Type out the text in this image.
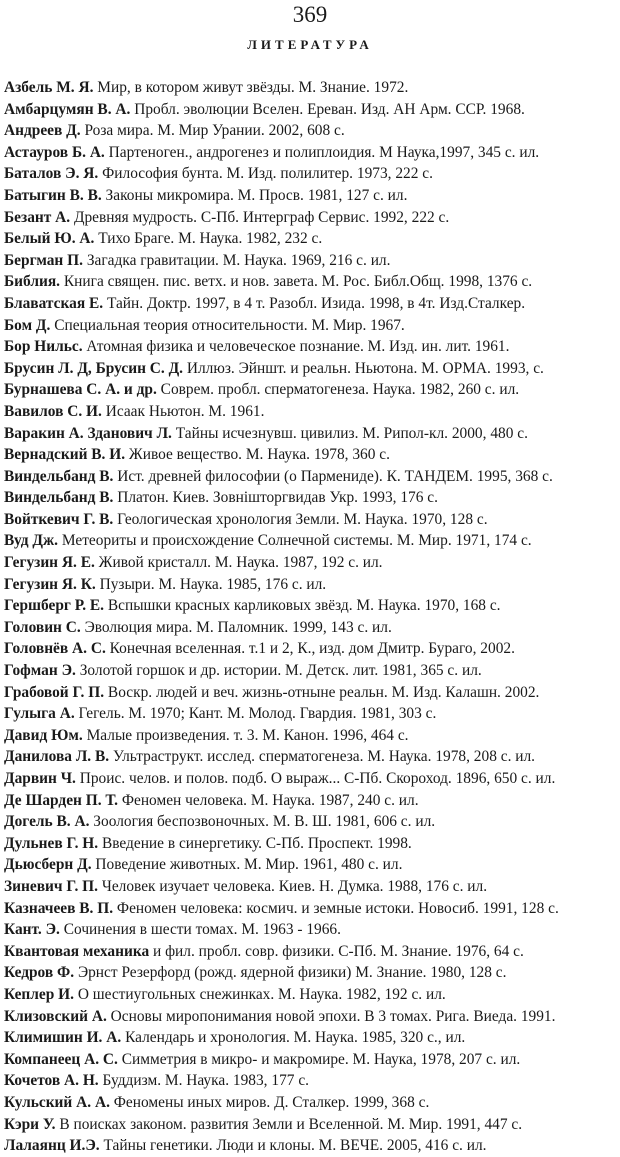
369
ЛИТЕРАТУРА
Азбель М. Я. Мир, в котором живут звёзды. М. Знание. 1972.
Амбарцумян В. А. Пробл. эволюции Вселен. Ереван. Изд. АН Арм. ССР. 1968.
Андреев Д. Роза мира. М. Мир Урании. 2002, 608 с.
Астауров Б. А. Партеноген., андрогенез и полиплоидия. М Наука,1997, 345 с. ил.
Баталов Э. Я. Философия бунта. М. Изд. полилитер. 1973, 222 с.
Батыгин В. В. Законы микромира. М. Просв. 1981, 127 с. ил.
Безант А. Древняя мудрость. С-Пб. Интерграф Сервис. 1992, 222 с.
Белый Ю. А. Тихо Браге. М. Наука. 1982, 232 с.
Бергман П. Загадка гравитации. М. Наука. 1969, 216 с. ил.
Библия. Книга священ. пис. ветх. и нов. завета. М. Рос. Библ.Общ. 1998, 1376 с.
Блаватская Е. Тайн. Доктр. 1997, в 4 т. Разобл. Изида. 1998, в 4т. Изд.Сталкер.
Бом Д. Специальная теория относительности. М. Мир. 1967.
Бор Нильс. Атомная физика и человеческое познание. М. Изд. ин. лит. 1961.
Брусин Л. Д, Брусин С. Д. Иллюз. Эйншт. и реальн. Ньютона. М. ОРМА. 1993, с.
Бурнашева С. А. и др. Соврем. пробл. сперматогенеза. Наука. 1982, 260 с. ил.
Вавилов С. И. Исаак Ньютон. М. 1961.
Варакин А. Зданович Л. Тайны исчезнувш. цивилиз. М. Рипол-кл. 2000, 480 с.
Вернадский В. И. Живое вещество. М. Наука. 1978, 360 с.
Виндельбанд В. Ист. древней философии (о Пармениде). К. ТАНДЕМ. 1995, 368 с.
Виндельбанд В. Платон. Киев. Зовнiшторгвидав Укр. 1993, 176 с.
Войткевич Г. В. Геологическая хронология Земли. М. Наука. 1970, 128 с.
Вуд Дж. Метеориты и происхождение Солнечной системы. М. Мир. 1971, 174 с.
Гегузин Я. Е. Живой кристалл. М. Наука. 1987, 192 с. ил.
Гегузин Я. К. Пузыри. М. Наука. 1985, 176 с. ил.
Гершберг Р. Е. Вспышки красных карликовых звёзд. М. Наука. 1970, 168 с.
Головин С. Эволюция мира. М. Паломник. 1999, 143 с. ил.
Головнёв А. С. Конечная вселенная. т.1 и 2, К., изд. дом Дмитр. Бураго, 2002.
Гофман Э. Золотой горшок и др. истории. М. Детск. лит. 1981, 365 с. ил.
Грабовой Г. П. Воскр. людей и веч. жизнь-отныне реальн. М. Изд. Калашн. 2002.
Гулыга А. Гегель. М. 1970; Кант. М. Молод. Гвардия. 1981, 303 с.
Давид Юм. Малые произведения. т. 3. М. Канон. 1996, 464 с.
Данилова Л. В. Ультраструкт. исслед. сперматогенеза. М. Наука. 1978, 208 с. ил.
Дарвин Ч. Проис. челов. и полов. подб. О выраж... С-Пб. Скороход. 1896, 650 с. ил.
Де Шарден П. Т. Феномен человека. М. Наука. 1987, 240 с. ил.
Догель В. А. Зоология беспозвоночных. М. В. Ш. 1981, 606 с. ил.
Дульнев Г. Н. Введение в синергетику. С-Пб. Проспект. 1998.
Дьюсберн Д. Поведение животных. М. Мир. 1961, 480 с. ил.
Зиневич Г. П. Человек изучает человека. Киев. Н. Думка. 1988, 176 с. ил.
Казначеев В. П. Феномен человека: космич. и земные истоки. Новосиб. 1991, 128 с.
Кант. Э. Сочинения в шести томах. М. 1963 - 1966.
Квантовая механика и фил. пробл. совр. физики. С-Пб. М. Знание. 1976, 64 с.
Кедров Ф. Эрнст Резерфорд (рожд. ядерной физики) М. Знание. 1980, 128 с.
Кеплер И. О шестиугольных снежинках. М. Наука. 1982, 192 с. ил.
Клизовский А. Основы миропонимания новой эпохи. В 3 томах. Рига. Виеда. 1991.
Климишин И. А. Календарь и хронология. М. Наука. 1985, 320 с., ил.
Компанеец А. С. Симметрия в микро- и макромире. М. Наука, 1978, 207 с. ил.
Кочетов А. Н. Буддизм. М. Наука. 1983, 177 с.
Кульский А. А. Феномены иных миров. Д. Сталкер. 1999, 368 с.
Кэри У. В поисках законом. развития Земли и Вселенной. М. Мир. 1991, 447 с.
Лалаянц И.Э. Тайны генетики. Люди и клоны. М. ВЕЧЕ. 2005, 416 с. ил.
